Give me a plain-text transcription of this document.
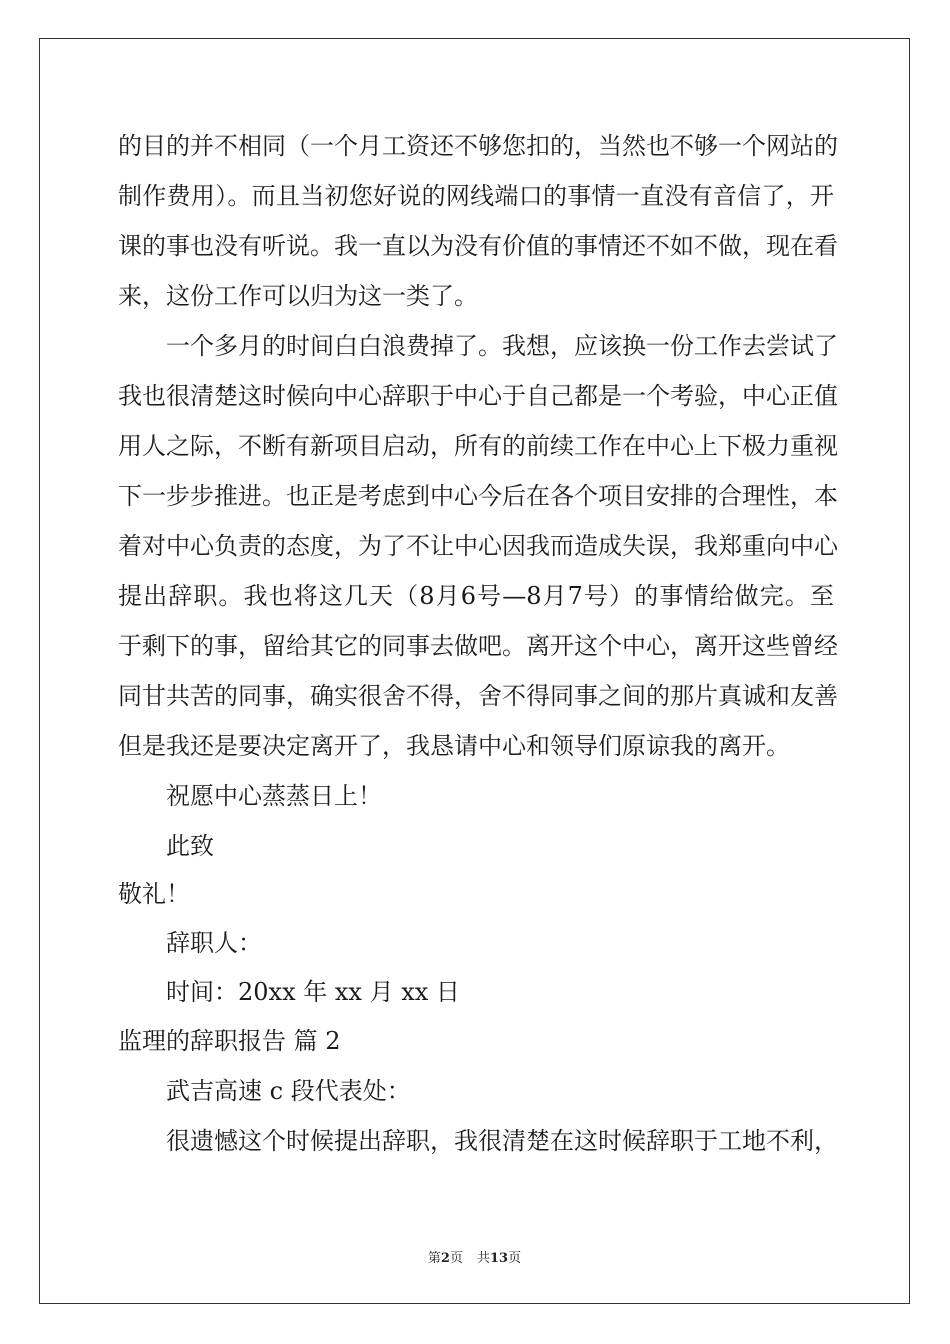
的目的并不相同（一个月工资还不够您扣的，当然也不够一个网站的
制作费用）。而且当初您好说的网线端口的事情一直没有音信了，开
课的事也没有听说。我一直以为没有价值的事情还不如不做，现在看
来，这份工作可以归为这一类了。
一个多月的时间白白浪费掉了。我想，应该换一份工作去尝试了
我也很清楚这时候向中心辞职于中心于自己都是一个考验，中心正值
用人之际，不断有新项目启动，所有的前续工作在中心上下极力重视
下一步步推进。也正是考虑到中心今后在各个项目安排的合理性，本
着对中心负责的态度，为了不让中心因我而造成失误，我郑重向中心
提出辞职。我也将这几天（8月6号—8月7号）的事情给做完。至
于剩下的事，留给其它的同事去做吧。离开这个中心，离开这些曾经
同甘共苦的同事，确实很舍不得，舍不得同事之间的那片真诚和友善
但是我还是要决定离开了，我恳请中心和领导们原谅我的离开。
祝愿中心蒸蒸日上！
此致
敬礼！
辞职人：
时间：20xx 年 xx 月 xx 日
监理的辞职报告 篇 2
武吉高速 c 段代表处：
很遗憾这个时候提出辞职，我很清楚在这时候辞职于工地不利，
第2页 共13页
